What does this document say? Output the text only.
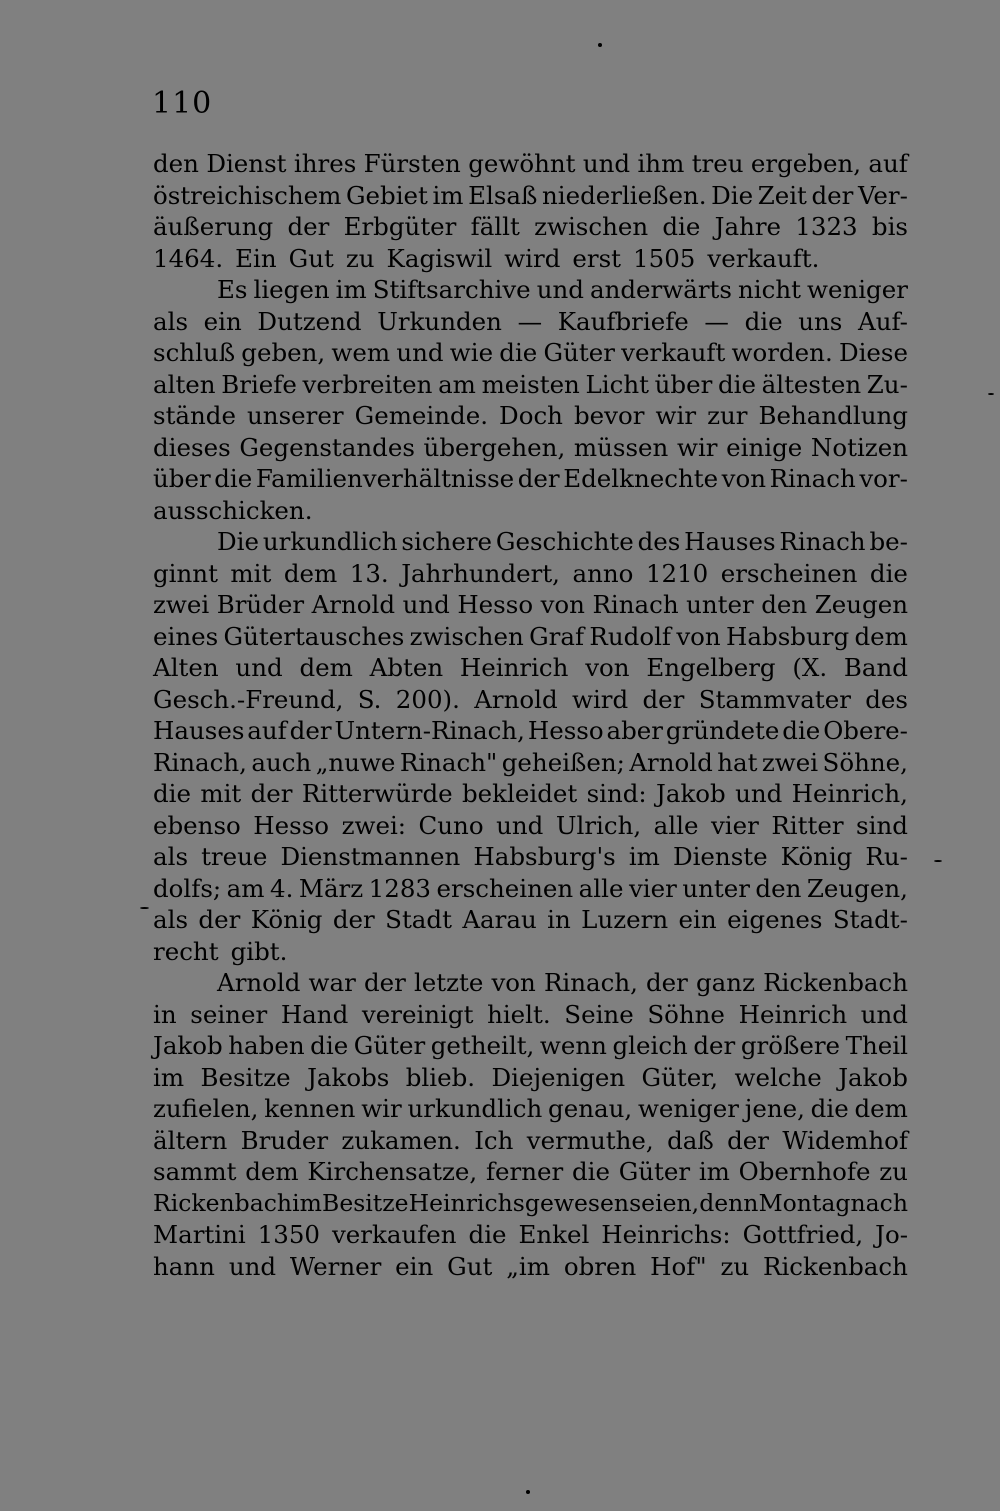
110
den Dienst ihres Fürsten gewöhnt und ihm treu ergeben, auf
östreichischem Gebiet im Elsaß niederließen. Die Zeit der Ver-
äußerung der Erbgüter fällt zwischen die Jahre 1323 bis
1464. Ein Gut zu Kagiswil wird erst 1505 verkauft.
Es liegen im Stiftsarchive und anderwärts nicht weniger
als ein Dutzend Urkunden — Kaufbriefe — die uns Auf-
schluß geben, wem und wie die Güter verkauft worden. Diese
alten Briefe verbreiten am meisten Licht über die ältesten Zu-
stände unserer Gemeinde. Doch bevor wir zur Behandlung
dieses Gegenstandes übergehen, müssen wir einige Notizen
über die Familienverhältnisse der Edelknechte von Rinach vor-
ausschicken.
Die urkundlich sichere Geschichte des Hauses Rinach be-
ginnt mit dem 13. Jahrhundert, anno 1210 erscheinen die
zwei Brüder Arnold und Hesso von Rinach unter den Zeugen
eines Gütertausches zwischen Graf Rudolf von Habsburg dem
Alten und dem Abten Heinrich von Engelberg (X. Band
Gesch.-Freund, S. 200). Arnold wird der Stammvater des
Hauses auf der Untern-Rinach, Hesso aber gründete die Obere-
Rinach, auch „nuwe Rinach" geheißen; Arnold hat zwei Söhne,
die mit der Ritterwürde bekleidet sind: Jakob und Heinrich,
ebenso Hesso zwei: Cuno und Ulrich, alle vier Ritter sind
als treue Dienstmannen Habsburg's im Dienste König Ru-
dolfs; am 4. März 1283 erscheinen alle vier unter den Zeugen,
als der König der Stadt Aarau in Luzern ein eigenes Stadt-
recht gibt.
Arnold war der letzte von Rinach, der ganz Rickenbach
in seiner Hand vereinigt hielt. Seine Söhne Heinrich und
Jakob haben die Güter getheilt, wenn gleich der größere Theil
im Besitze Jakobs blieb. Diejenigen Güter, welche Jakob
zufielen, kennen wir urkundlich genau, weniger jene, die dem
ältern Bruder zukamen. Ich vermuthe, daß der Widemhof
sammt dem Kirchensatze, ferner die Güter im Obernhofe zu
Rickenbach im Besitze Heinrichs gewesen seien, denn Montag nach
Martini 1350 verkaufen die Enkel Heinrichs: Gottfried, Jo-
hann und Werner ein Gut „im obren Hof" zu Rickenbach
